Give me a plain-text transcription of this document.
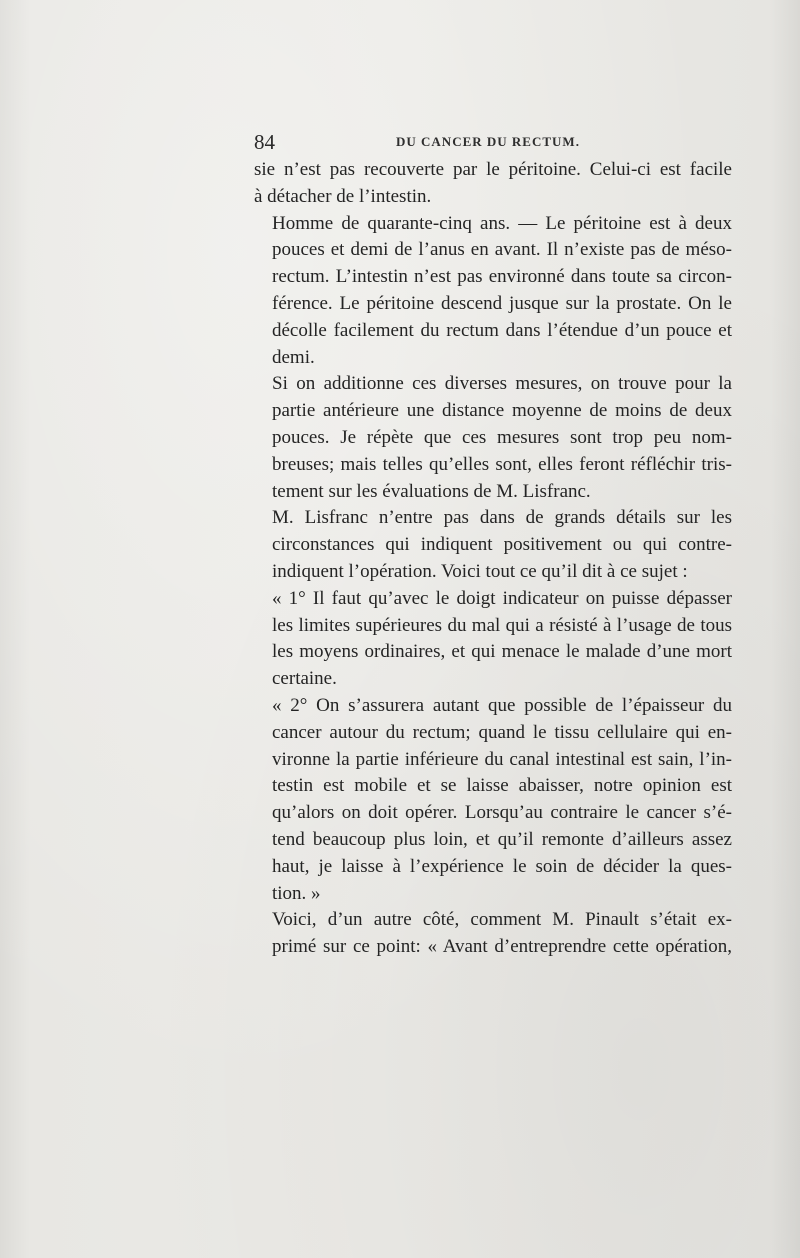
84	DU CANCER DU RECTUM.

sie n’est pas recouverte par le péritoine. Celui-ci est facile
à détacher de l’intestin.

Homme de quarante-cinq ans. — Le péritoine est à deux
pouces et demi de l’anus en avant. Il n’existe pas de méso-
rectum. L’intestin n’est pas environné dans toute sa circon-
férence. Le péritoine descend jusque sur la prostate. On le
décolle facilement du rectum dans l’étendue d’un pouce et
demi.

Si on additionne ces diverses mesures, on trouve pour la
partie antérieure une distance moyenne de moins de deux
pouces. Je répète que ces mesures sont trop peu nom-
breuses; mais telles qu’elles sont, elles feront réfléchir tris-
tement sur les évaluations de M. Lisfranc.

M. Lisfranc n’entre pas dans de grands détails sur les
circonstances qui indiquent positivement ou qui contre-
indiquent l’opération. Voici tout ce qu’il dit à ce sujet :

« 1° Il faut qu’avec le doigt indicateur on puisse dépasser
les limites supérieures du mal qui a résisté à l’usage de tous
les moyens ordinaires, et qui menace le malade d’une mort
certaine.

« 2° On s’assurera autant que possible de l’épaisseur du
cancer autour du rectum; quand le tissu cellulaire qui en-
vironne la partie inférieure du canal intestinal est sain, l’in-
testin est mobile et se laisse abaisser, notre opinion est
qu’alors on doit opérer. Lorsqu’au contraire le cancer s’é-
tend beaucoup plus loin, et qu’il remonte d’ailleurs assez
haut, je laisse à l’expérience le soin de décider la ques-
tion. »

Voici, d’un autre côté, comment M. Pinault s’était ex-
primé sur ce point: « Avant d’entreprendre cette opération,
